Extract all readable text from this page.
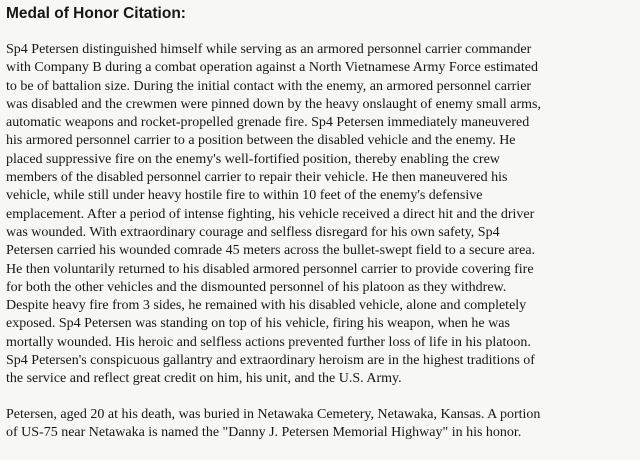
Medal of Honor Citation:

Sp4 Petersen distinguished himself while serving as an armored personnel carrier commander
with Company B during a combat operation against a North Vietnamese Army Force estimated
to be of battalion size. During the initial contact with the enemy, an armored personnel carrier
was disabled and the crewmen were pinned down by the heavy onslaught of enemy small arms,
automatic weapons and rocket-propelled grenade fire. Sp4 Petersen immediately maneuvered
his armored personnel carrier to a position between the disabled vehicle and the enemy. He
placed suppressive fire on the enemy's well-fortified position, thereby enabling the crew
members of the disabled personnel carrier to repair their vehicle. He then maneuvered his
vehicle, while still under heavy hostile fire to within 10 feet of the enemy's defensive
emplacement. After a period of intense fighting, his vehicle received a direct hit and the driver
was wounded. With extraordinary courage and selfless disregard for his own safety, Sp4
Petersen carried his wounded comrade 45 meters across the bullet-swept field to a secure area.
He then voluntarily returned to his disabled armored personnel carrier to provide covering fire
for both the other vehicles and the dismounted personnel of his platoon as they withdrew.
Despite heavy fire from 3 sides, he remained with his disabled vehicle, alone and completely
exposed. Sp4 Petersen was standing on top of his vehicle, firing his weapon, when he was
mortally wounded. His heroic and selfless actions prevented further loss of life in his platoon.
Sp4 Petersen's conspicuous gallantry and extraordinary heroism are in the highest traditions of
the service and reflect great credit on him, his unit, and the U.S. Army.

Petersen, aged 20 at his death, was buried in Netawaka Cemetery, Netawaka, Kansas. A portion
of US-75 near Netawaka is named the "Danny J. Petersen Memorial Highway" in his honor.
